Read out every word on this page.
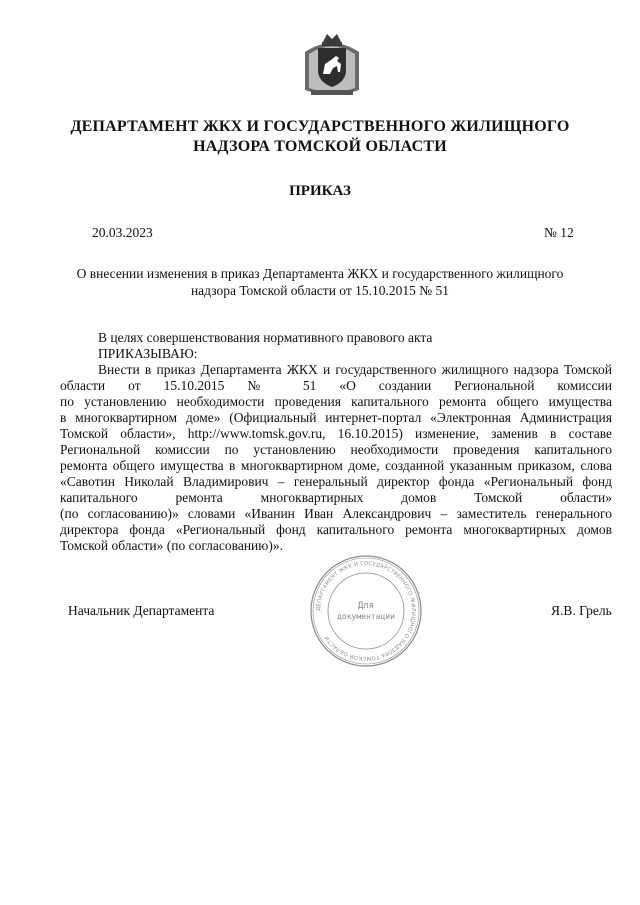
ДЕПАРТАМЕНТ ЖКХ И ГОСУДАРСТВЕННОГО ЖИЛИЩНОГО
НАДЗОРА ТОМСКОЙ ОБЛАСТИ
ПРИКАЗ
20.03.2023	№ 12
О внесении изменения в приказ Департамента ЖКХ и государственного жилищного
надзора Томской области от 15.10.2015 № 51
В целях совершенствования нормативного правового акта
ПРИКАЗЫВАЮ:
Внести в приказ Департамента ЖКХ и государственного жилищного надзора Томской
области от 15.10.2015 № 51 «О создании Региональной комиссии
по установлению необходимости проведения капитального ремонта общего имущества
в многоквартирном доме» (Официальный интернет-портал «Электронная Администрация
Томской области», http://www.tomsk.gov.ru, 16.10.2015) изменение, заменив в составе
Региональной комиссии по установлению необходимости проведения капитального
ремонта общего имущества в многоквартирном доме, созданной указанным приказом, слова
«Савотин Николай Владимирович – генеральный директор фонда «Региональный фонд
капитального ремонта многоквартирных домов Томской области»
(по согласованию)» словами «Иванин Иван Александрович – заместитель генерального
директора фонда «Региональный фонд капитального ремонта многоквартирных домов
Томской области» (по согласованию)».
ДЕПАРТАМЕНТ ЖКХ И ГОСУДАРСТВЕННОГО ЖИЛИЩНОГО НАДЗОРА ТОМСКОЙ ОБЛАСТИ
Для
документации
Начальник Департамента	Я.В. Грель
